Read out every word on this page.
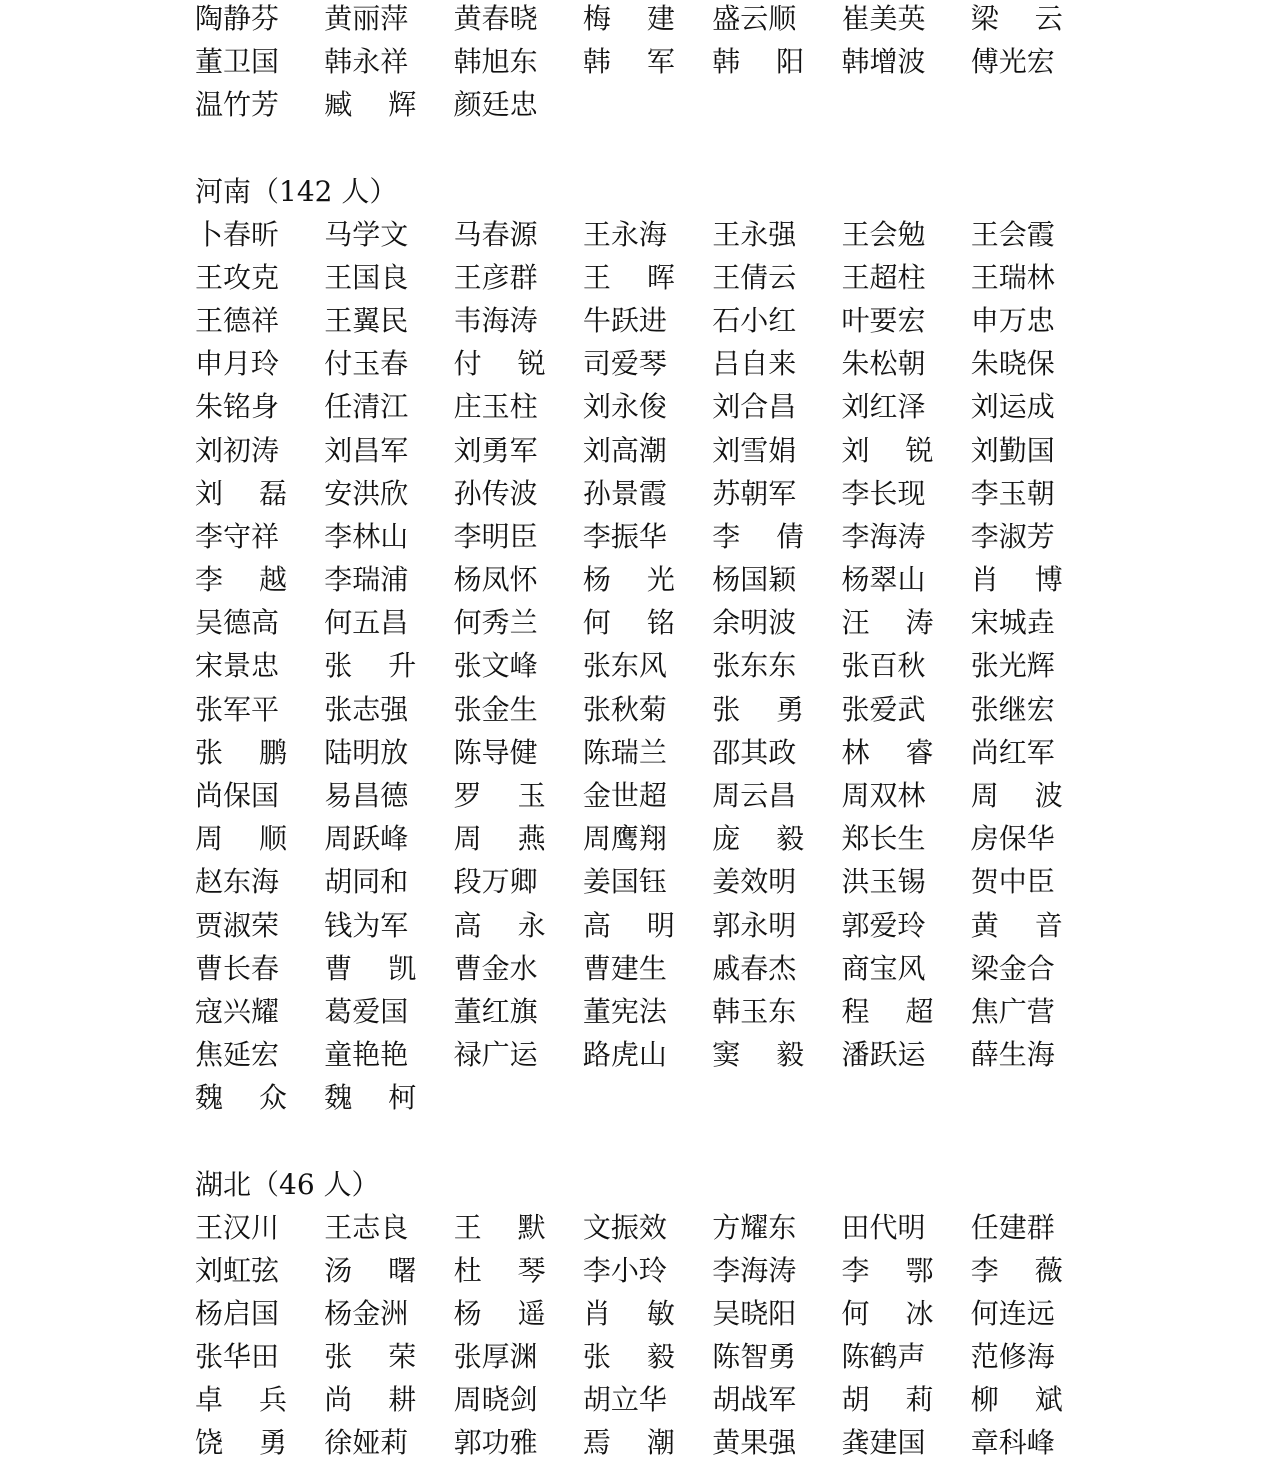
陶静芬 黄丽萍 黄春晓 梅 建 盛云顺 崔美英 梁 云
董卫国 韩永祥 韩旭东 韩 军 韩 阳 韩增波 傅光宏
温竹芳 臧 辉 颜廷忠
河南（142 人）
卜春昕 马学文 马春源 王永海 王永强 王会勉 王会霞
王攻克 王国良 王彦群 王 晖 王倩云 王超柱 王瑞林
王德祥 王翼民 韦海涛 牛跃进 石小红 叶要宏 申万忠
申月玲 付玉春 付 锐 司爱琴 吕自来 朱松朝 朱晓保
朱铭身 任清江 庄玉柱 刘永俊 刘合昌 刘红泽 刘运成
刘初涛 刘昌军 刘勇军 刘高潮 刘雪娟 刘 锐 刘勤国
刘 磊 安洪欣 孙传波 孙景霞 苏朝军 李长现 李玉朝
李守祥 李林山 李明臣 李振华 李 倩 李海涛 李淑芳
李 越 李瑞浦 杨凤怀 杨 光 杨国颖 杨翠山 肖 博
吴德高 何五昌 何秀兰 何 铭 余明波 汪 涛 宋城垚
宋景忠 张 升 张文峰 张东风 张东东 张百秋 张光辉
张军平 张志强 张金生 张秋菊 张 勇 张爱武 张继宏
张 鹏 陆明放 陈导健 陈瑞兰 邵其政 林 睿 尚红军
尚保国 易昌德 罗 玉 金世超 周云昌 周双林 周 波
周 顺 周跃峰 周 燕 周鹰翔 庞 毅 郑长生 房保华
赵东海 胡同和 段万卿 姜国钰 姜效明 洪玉锡 贺中臣
贾淑荣 钱为军 高 永 高 明 郭永明 郭爱玲 黄 音
曹长春 曹 凯 曹金水 曹建生 戚春杰 商宝风 梁金合
寇兴耀 葛爱国 董红旗 董宪法 韩玉东 程 超 焦广营
焦延宏 童艳艳 禄广运 路虎山 窦 毅 潘跃运 薛生海
魏 众 魏 柯
湖北（46 人）
王汉川 王志良 王 默 文振效 方耀东 田代明 任建群
刘虹弦 汤 曙 杜 琴 李小玲 李海涛 李 鄂 李 薇
杨启国 杨金洲 杨 遥 肖 敏 吴晓阳 何 冰 何连远
张华田 张 荣 张厚渊 张 毅 陈智勇 陈鹤声 范修海
卓 兵 尚 耕 周晓剑 胡立华 胡战军 胡 莉 柳 斌
饶 勇 徐娅莉 郭功雅 焉 潮 黄果强 龚建国 章科峰
